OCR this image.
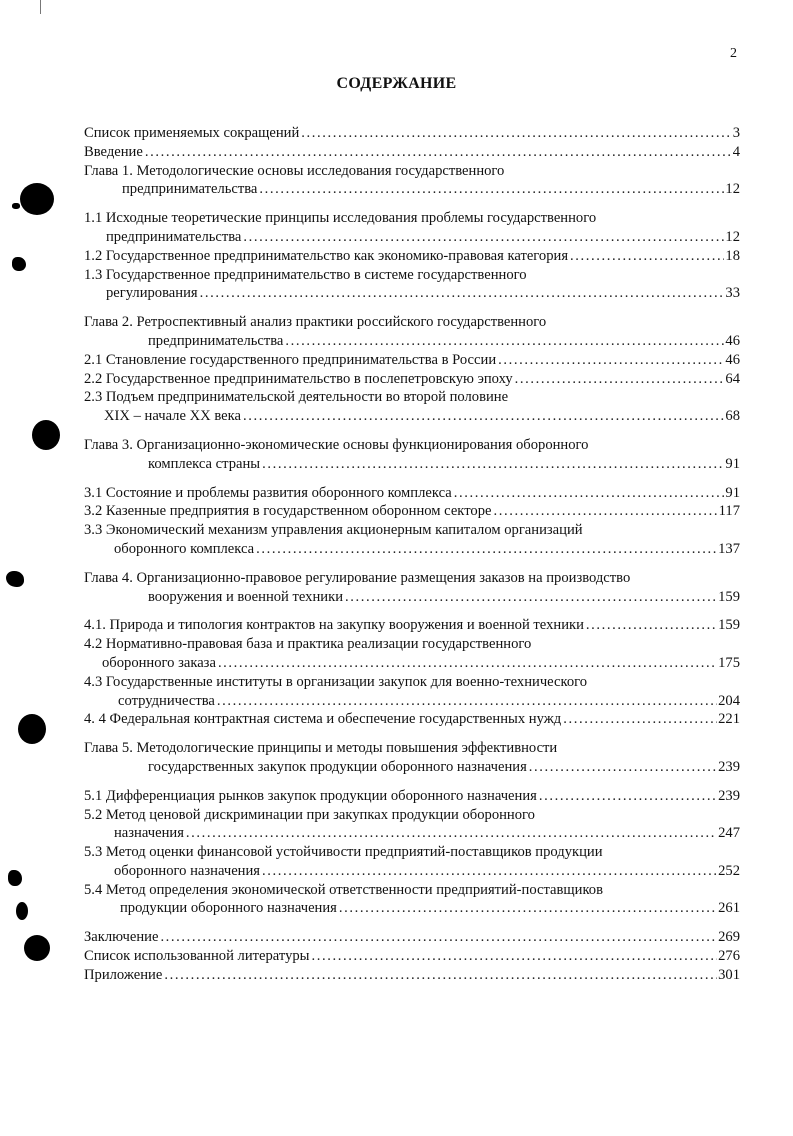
2
СОДЕРЖАНИЕ
Список применяемых сокращений .....	3
Введение .....	4
Глава 1. Методологические основы исследования государственного
предпринимательства .....	12
1.1 Исходные теоретические принципы исследования проблемы государственного
предпринимательства .....	12
1.2 Государственное предпринимательство как экономико-правовая категория .....	18
1.3 Государственное предпринимательство в системе государственного
регулирования .....	33
Глава 2. Ретроспективный анализ практики российского государственного
предпринимательства .....	46
2.1 Становление государственного предпринимательства в России .....	46
2.2 Государственное предпринимательство в послепетровскую эпоху .....	64
2.3 Подъем предпринимательской деятельности во второй половине
XIX – начале XX века .....	68
Глава 3. Организационно-экономические основы функционирования оборонного
комплекса страны .....	91
3.1 Состояние и проблемы развития оборонного комплекса .....	91
3.2 Казенные предприятия в государственном оборонном секторе .....	117
3.3 Экономический механизм управления акционерным капиталом организаций
оборонного комплекса .....	137
Глава 4. Организационно-правовое регулирование размещения заказов на производство
вооружения и военной техники .....	159
4.1. Природа и типология контрактов на закупку вооружения и военной техники .....	159
4.2 Нормативно-правовая база и практика реализации государственного
оборонного заказа .....	175
4.3 Государственные институты в организации закупок для военно-технического
сотрудничества .....	204
4. 4 Федеральная контрактная система и обеспечение государственных нужд .....	221
Глава 5. Методологические принципы и методы повышения эффективности
государственных закупок продукции оборонного назначения .....	239
5.1 Дифференциация рынков закупок продукции оборонного назначения .....	239
5.2 Метод ценовой дискриминации при закупках продукции оборонного
назначения .....	247
5.3 Метод оценки финансовой устойчивости предприятий-поставщиков продукции
оборонного назначения .....	252
5.4 Метод определения экономической ответственности предприятий-поставщиков
продукции оборонного назначения .....	261
Заключение .....	269
Список использованной литературы .....	276
Приложение .....	301
